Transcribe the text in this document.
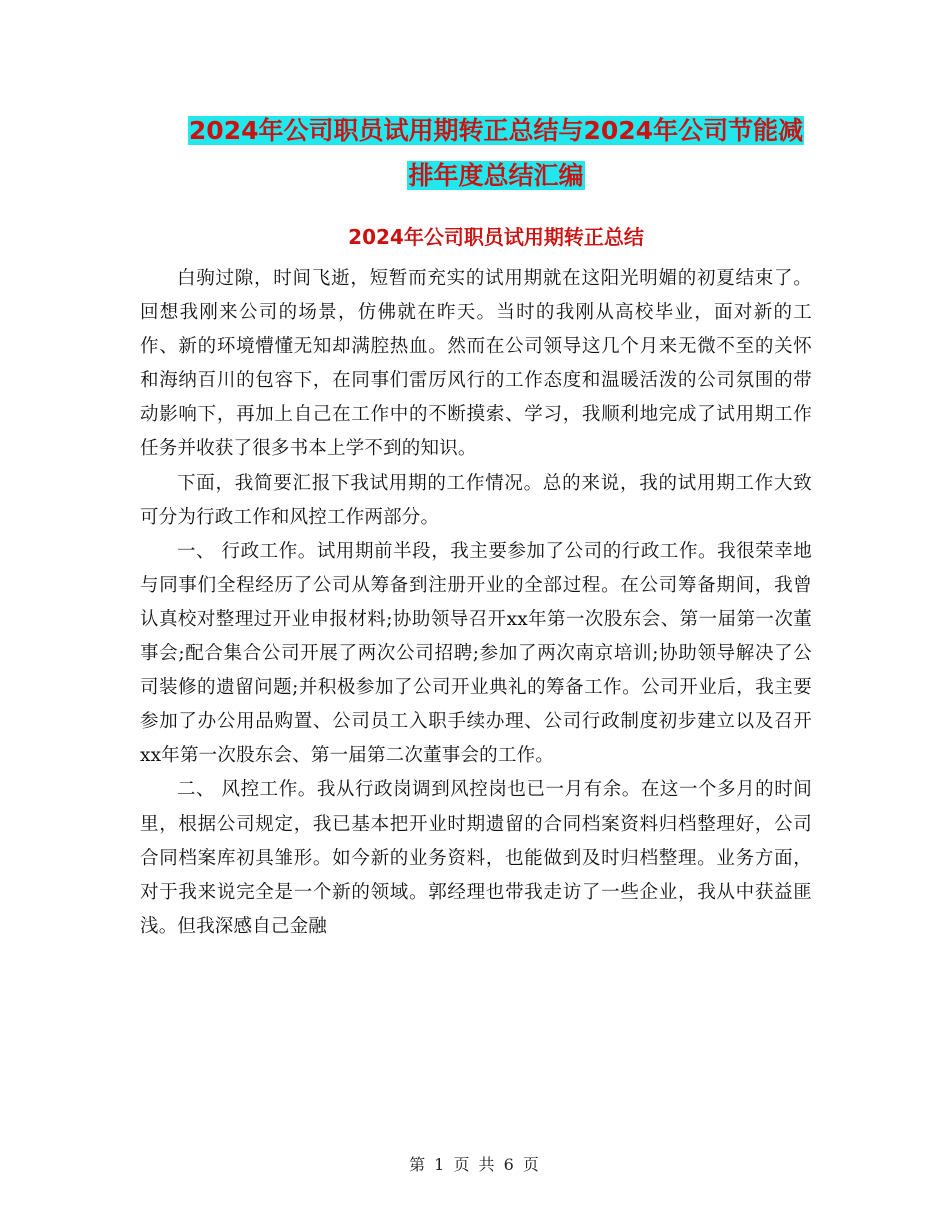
2024年公司职员试用期转正总结与2024年公司节能减
排年度总结汇编
2024年公司职员试用期转正总结

白驹过隙，时间飞逝，短暂而充实的试用期就在这阳光明媚的初夏结束了。回想我刚来公司的场景，仿佛就在昨天。当时的我刚从高校毕业，面对新的工作、新的环境懵懂无知却满腔热血。然而在公司领导这几个月来无微不至的关怀和海纳百川的包容下，在同事们雷厉风行的工作态度和温暖活泼的公司氛围的带动影响下，再加上自己在工作中的不断摸索、学习，我顺利地完成了试用期工作任务并收获了很多书本上学不到的知识。

下面，我简要汇报下我试用期的工作情况。总的来说，我的试用期工作大致可分为行政工作和风控工作两部分。

一、 行政工作。试用期前半段，我主要参加了公司的行政工作。我很荣幸地与同事们全程经历了公司从筹备到注册开业的全部过程。在公司筹备期间，我曾认真校对整理过开业申报材料;协助领导召开xx年第一次股东会、第一届第一次董事会;配合集合公司开展了两次公司招聘;参加了两次南京培训;协助领导解决了公司装修的遗留问题;并积极参加了公司开业典礼的筹备工作。公司开业后，我主要参加了办公用品购置、公司员工入职手续办理、公司行政制度初步建立以及召开xx年第一次股东会、第一届第二次董事会的工作。

二、 风控工作。我从行政岗调到风控岗也已一月有余。在这一个多月的时间里，根据公司规定，我已基本把开业时期遗留的合同档案资料归档整理好，公司合同档案库初具雏形。如今新的业务资料，也能做到及时归档整理。业务方面，对于我来说完全是一个新的领域。郭经理也带我走访了一些企业，我从中获益匪浅。但我深感自己金融

第 1 页 共 6 页
